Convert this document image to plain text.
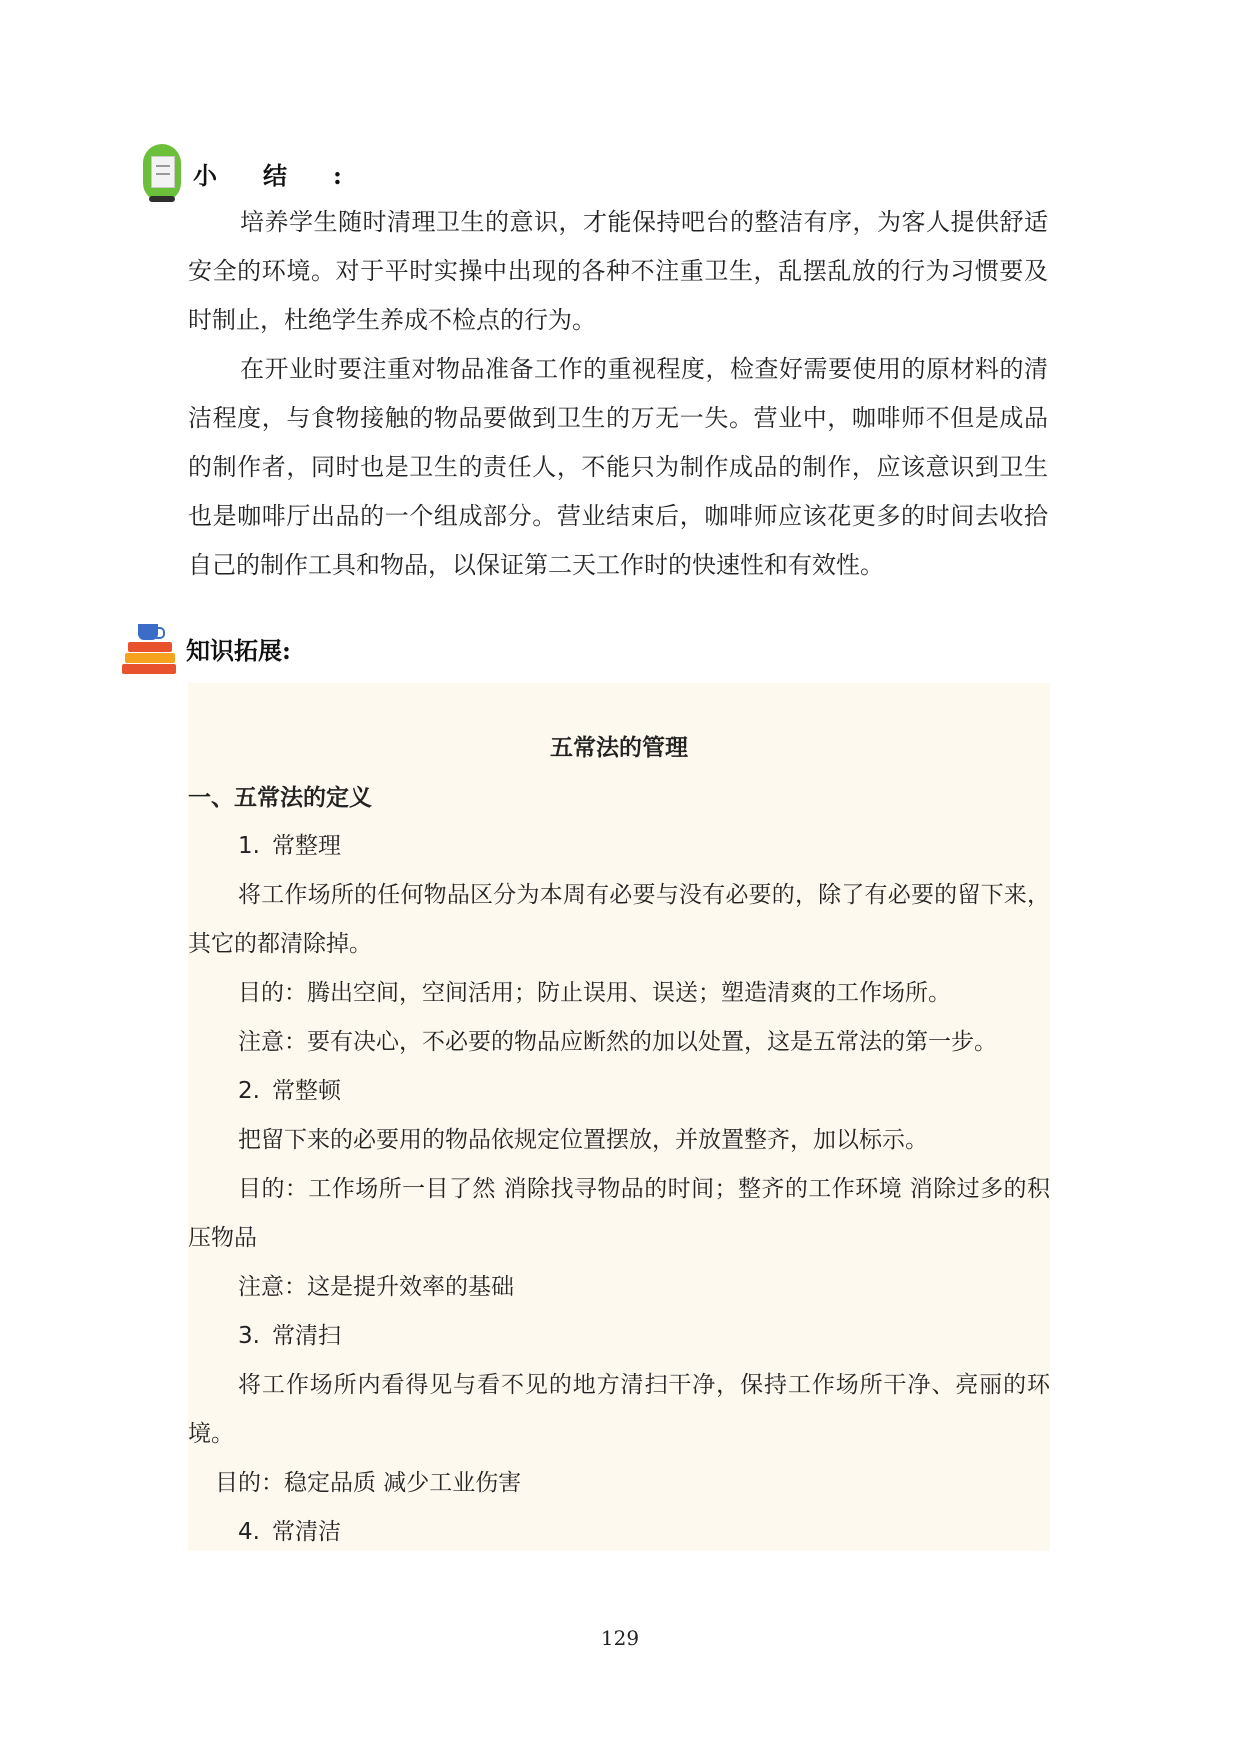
小结:

培养学生随时清理卫生的意识，才能保持吧台的整洁有序，为客人提供舒适安全的环境。对于平时实操中出现的各种不注重卫生，乱摆乱放的行为习惯要及时制止，杜绝学生养成不检点的行为。

在开业时要注重对物品准备工作的重视程度，检查好需要使用的原材料的清洁程度，与食物接触的物品要做到卫生的万无一失。营业中，咖啡师不但是成品的制作者，同时也是卫生的责任人，不能只为制作成品的制作，应该意识到卫生也是咖啡厅出品的一个组成部分。营业结束后，咖啡师应该花更多的时间去收拾自己的制作工具和物品，以保证第二天工作时的快速性和有效性。

知识拓展:
五常法的管理

一、五常法的定义

1. 常整理

将工作场所的任何物品区分为本周有必要与没有必要的，除了有必要的留下来，其它的都清除掉。

目的：腾出空间，空间活用；防止误用、误送；塑造清爽的工作场所。

注意：要有决心，不必要的物品应断然的加以处置，这是五常法的第一步。

2. 常整顿

把留下来的必要用的物品依规定位置摆放，并放置整齐，加以标示。

目的：工作场所一目了然 消除找寻物品的时间；整齐的工作环境 消除过多的积压物品

注意：这是提升效率的基础

3. 常清扫

将工作场所内看得见与看不见的地方清扫干净，保持工作场所干净、亮丽的环境。

目的：稳定品质 减少工业伤害

4. 常清洁

129
